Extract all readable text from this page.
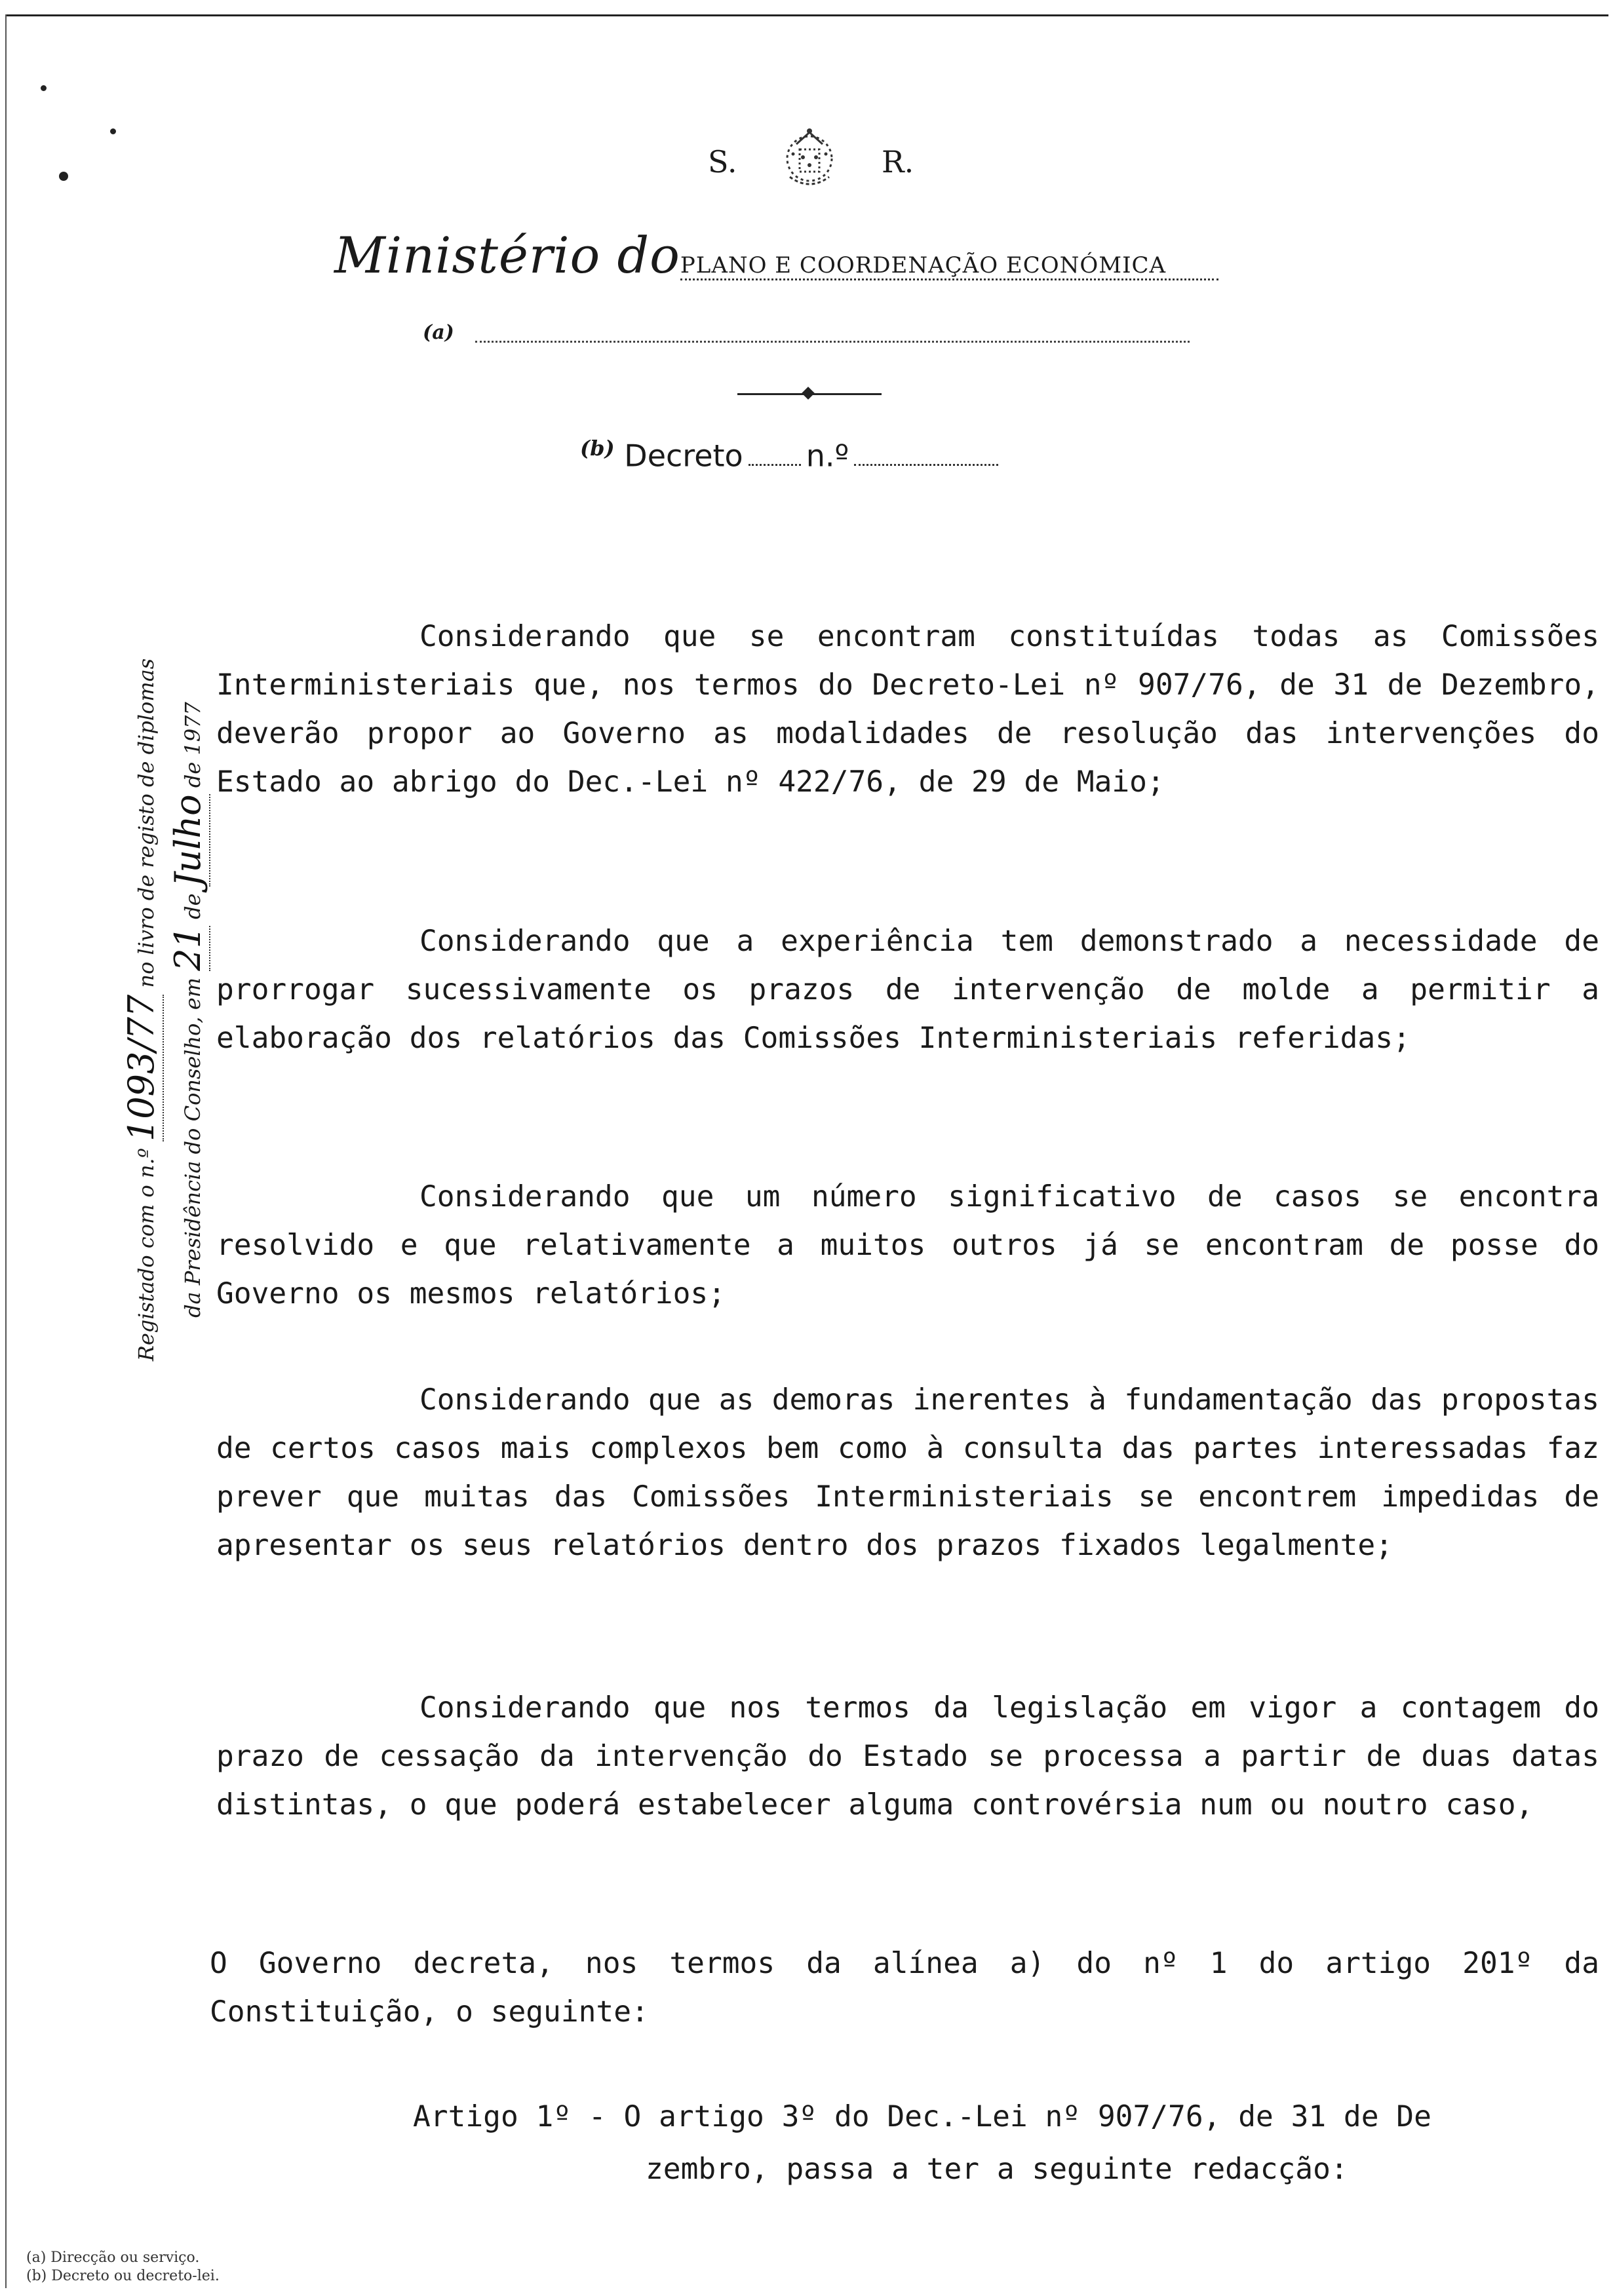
S.	R.
Ministério doPLANO E COORDENAÇÃO ECONÓMICA
(a)
$^{(b)}$ Decreto n.º
Registado com o n.º 1093/77 no livro de registo de diplomas
da Presidência do Conselho, em 21 de Julho de 1977
Considerando que se encontram constituídas todas as Comissões Interministeriais que, nos termos do Decreto-Lei nº 907/76, de 31 de Dezembro, deverão propor ao Governo as modalidades de resolução das intervenções do Estado ao abrigo do Dec.-Lei nº 422/76, de 29 de Maio;
Considerando que a experiência tem demonstrado a necessidade de prorrogar sucessivamente os prazos de intervenção de molde a permitir a elaboração dos relatórios das Comissões Interministeriais referidas;
Considerando que um número significativo de casos se encontra resolvido e que relativamente a muitos outros já se encontram de posse do Governo os mesmos relatórios;
Considerando que as demoras inerentes à fundamentação das propostas de certos casos mais complexos bem como à consulta das partes interessadas faz prever que muitas das Comissões Interministeriais se encontrem impedidas de apresentar os seus relatórios dentro dos prazos fixados legalmente;
Considerando que nos termos da legislação em vigor a contagem do prazo de cessação da intervenção do Estado se processa a partir de duas datas distintas, o que poderá estabelecer alguma controvérsia num ou noutro caso,
O Governo decreta, nos termos da alínea a) do nº 1 do artigo 201º da Constituição, o seguinte:
Artigo 1º - O artigo 3º do Dec.-Lei nº 907/76, de 31 de De
zembro, passa a ter a seguinte redacção:
(a) Direcção ou serviço.
(b) Decreto ou decreto-lei.
